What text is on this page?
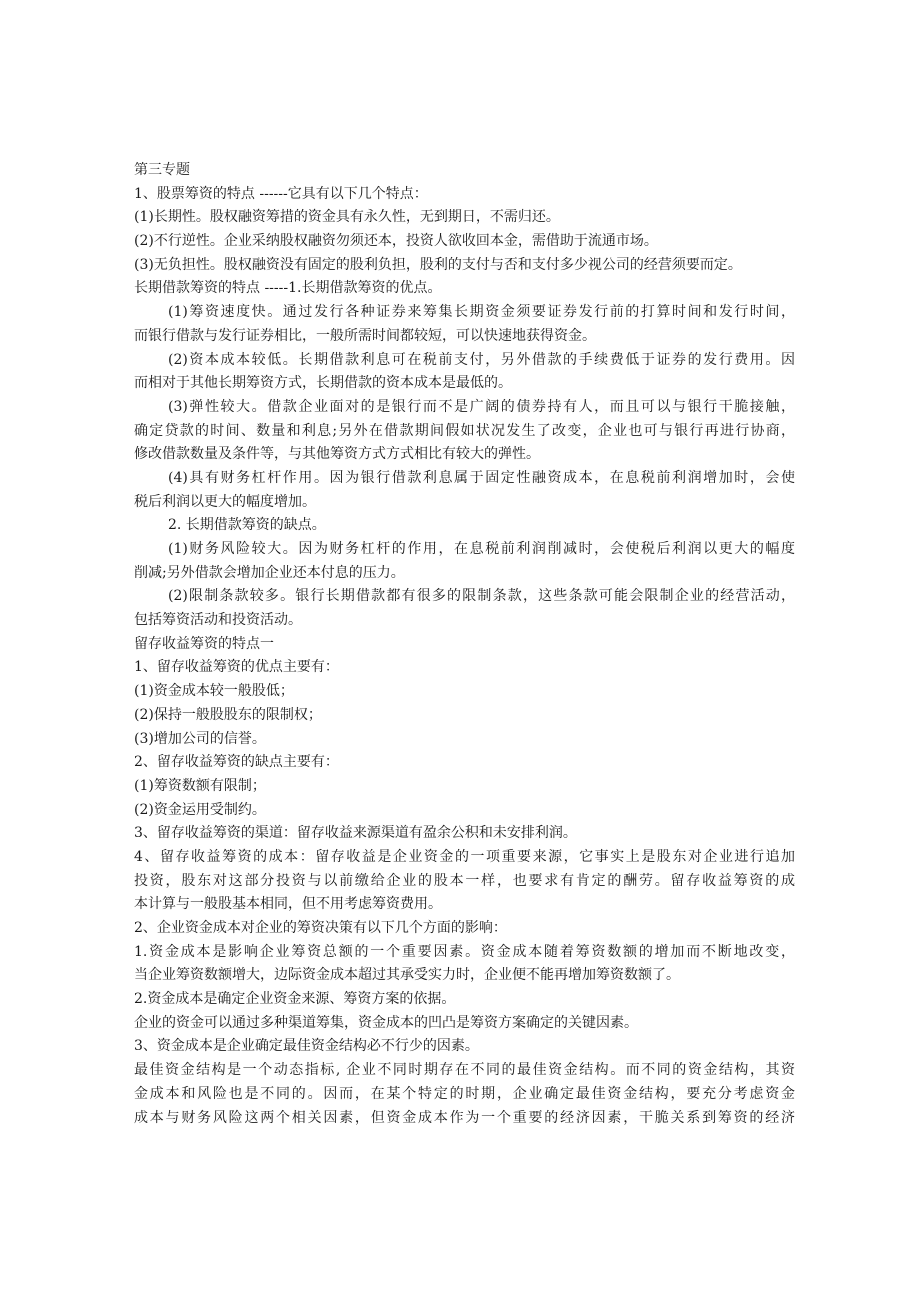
第三专题
1、股票筹资的特点 ------它具有以下几个特点：
(1)长期性。股权融资筹措的资金具有永久性，无到期日，不需归还。
(2)不行逆性。企业采纳股权融资勿须还本，投资人欲收回本金，需借助于流通市场。
(3)无负担性。股权融资没有固定的股利负担，股利的支付与否和支付多少视公司的经营须要而定。
长期借款筹资的特点 -----1.长期借款筹资的优点。
(1)筹资速度快。通过发行各种证券来筹集长期资金须要证券发行前的打算时间和发行时间，
而银行借款与发行证券相比，一般所需时间都较短，可以快速地获得资金。
(2)资本成本较低。长期借款利息可在税前支付，另外借款的手续费低于证券的发行费用。因
而相对于其他长期筹资方式，长期借款的资本成本是最低的。
(3)弹性较大。借款企业面对的是银行而不是广阔的债券持有人，而且可以与银行干脆接触，
确定贷款的时间、数量和利息;另外在借款期间假如状况发生了改变，企业也可与银行再进行协商，
修改借款数量及条件等，与其他筹资方式方式相比有较大的弹性。
(4)具有财务杠杆作用。因为银行借款利息属于固定性融资成本，在息税前利润增加时，会使
税后利润以更大的幅度增加。
2. 长期借款筹资的缺点。
(1)财务风险较大。因为财务杠杆的作用，在息税前利润削减时，会使税后利润以更大的幅度
削减;另外借款会增加企业还本付息的压力。
(2)限制条款较多。银行长期借款都有很多的限制条款，这些条款可能会限制企业的经营活动，
包括筹资活动和投资活动。
留存收益筹资的特点一
1、留存收益筹资的优点主要有：
(1)资金成本较一般股低；
(2)保持一般股股东的限制权；
(3)增加公司的信誉。
2、留存收益筹资的缺点主要有：
(1)筹资数额有限制；
(2)资金运用受制约。
3、留存收益筹资的渠道：留存收益来源渠道有盈余公积和未安排利润。
4、留存收益筹资的成本：留存收益是企业资金的一项重要来源，它事实上是股东对企业进行追加
投资，股东对这部分投资与以前缴给企业的股本一样，也要求有肯定的酬劳。留存收益筹资的成
本计算与一般股基本相同，但不用考虑筹资费用。
2、企业资金成本对企业的筹资决策有以下几个方面的影响：
1.资金成本是影响企业筹资总额的一个重要因素。资金成本随着筹资数额的增加而不断地改变，
当企业筹资数额增大，边际资金成本超过其承受实力时，企业便不能再增加筹资数额了。
2.资金成本是确定企业资金来源、筹资方案的依据。
企业的资金可以通过多种渠道筹集，资金成本的凹凸是筹资方案确定的关键因素。
3、资金成本是企业确定最佳资金结构必不行少的因素。
最佳资金结构是一个动态指标, 企业不同时期存在不同的最佳资金结构。而不同的资金结构，其资
金成本和风险也是不同的。因而，在某个特定的时期，企业确定最佳资金结构，要充分考虑资金
成本与财务风险这两个相关因素，但资金成本作为一个重要的经济因素，干脆关系到筹资的经济
